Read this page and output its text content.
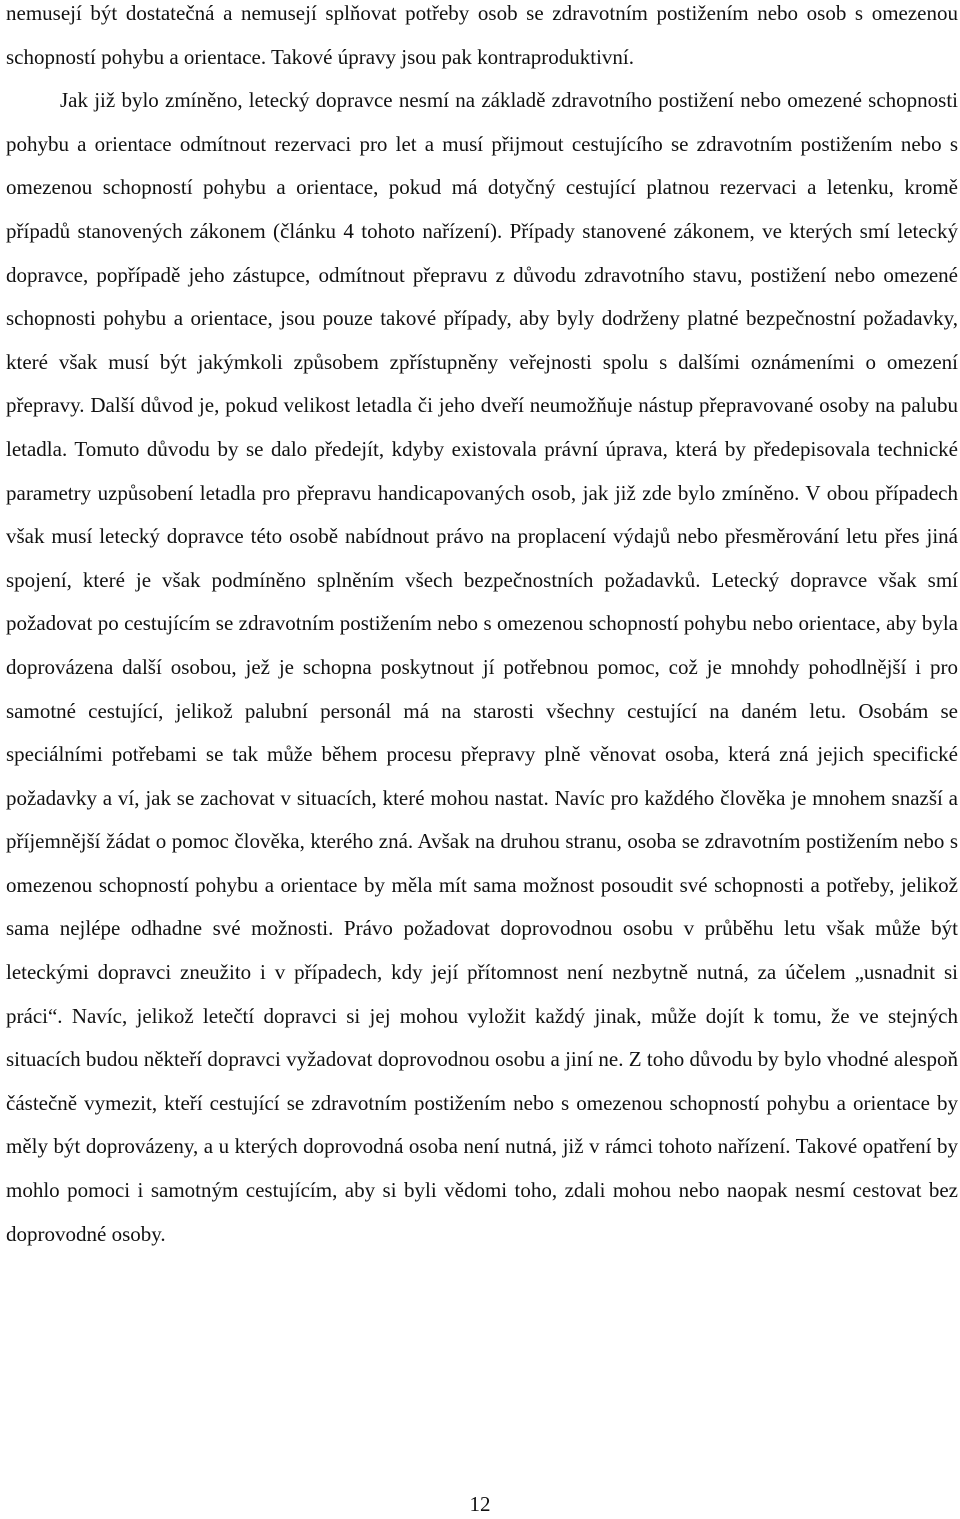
nemusejí být dostatečná a nemusejí splňovat potřeby osob se zdravotním postižením nebo osob s omezenou schopností pohybu a orientace. Takové úpravy jsou pak kontraproduktivní.

Jak již bylo zmíněno, letecký dopravce nesmí na základě zdravotního postižení nebo omezené schopnosti pohybu a orientace odmítnout rezervaci pro let a musí přijmout cestujícího se zdravotním postižením nebo s omezenou schopností pohybu a orientace, pokud má dotyčný cestující platnou rezervaci a letenku, kromě případů stanovených zákonem (článku 4 tohoto nařízení). Případy stanovené zákonem, ve kterých smí letecký dopravce, popřípadě jeho zástupce, odmítnout přepravu z důvodu zdravotního stavu, postižení nebo omezené schopnosti pohybu a orientace, jsou pouze takové případy, aby byly dodrženy platné bezpečnostní požadavky, které však musí být jakýmkoli způsobem zpřístupněny veřejnosti spolu s dalšími oznámeními o omezení přepravy. Další důvod je, pokud velikost letadla či jeho dveří neumožňuje nástup přepravované osoby na palubu letadla. Tomuto důvodu by se dalo předejít, kdyby existovala právní úprava, která by předepisovala technické parametry uzpůsobení letadla pro přepravu handicapovaných osob, jak již zde bylo zmíněno. V obou případech však musí letecký dopravce této osobě nabídnout právo na proplacení výdajů nebo přesměrování letu přes jiná spojení, které je však podmíněno splněním všech bezpečnostních požadavků. Letecký dopravce však smí požadovat po cestujícím se zdravotním postižením nebo s omezenou schopností pohybu nebo orientace, aby byla doprovázena další osobou, jež je schopna poskytnout jí potřebnou pomoc, což je mnohdy pohodlnější i pro samotné cestující, jelikož palubní personál má na starosti všechny cestující na daném letu. Osobám se speciálními potřebami se tak může během procesu přepravy plně věnovat osoba, která zná jejich specifické požadavky a ví, jak se zachovat v situacích, které mohou nastat. Navíc pro každého člověka je mnohem snazší a příjemnější žádat o pomoc člověka, kterého zná. Avšak na druhou stranu, osoba se zdravotním postižením nebo s omezenou schopností pohybu a orientace by měla mít sama možnost posoudit své schopnosti a potřeby, jelikož sama nejlépe odhadne své možnosti. Právo požadovat doprovodnou osobu v průběhu letu však může být leteckými dopravci zneužito i v případech, kdy její přítomnost není nezbytně nutná, za účelem „usnadnit si práci“. Navíc, jelikož letečtí dopravci si jej mohou vyložit každý jinak, může dojít k tomu, že ve stejných situacích budou někteří dopravci vyžadovat doprovodnou osobu a jiní ne. Z toho důvodu by bylo vhodné alespoň částečně vymezit, kteří cestující se zdravotním postižením nebo s omezenou schopností pohybu a orientace by měly být doprovázeny, a u kterých doprovodná osoba není nutná, již v rámci tohoto nařízení. Takové opatření by mohlo pomoci i samotným cestujícím, aby si byli vědomi toho, zdali mohou nebo naopak nesmí cestovat bez doprovodné osoby.

12
